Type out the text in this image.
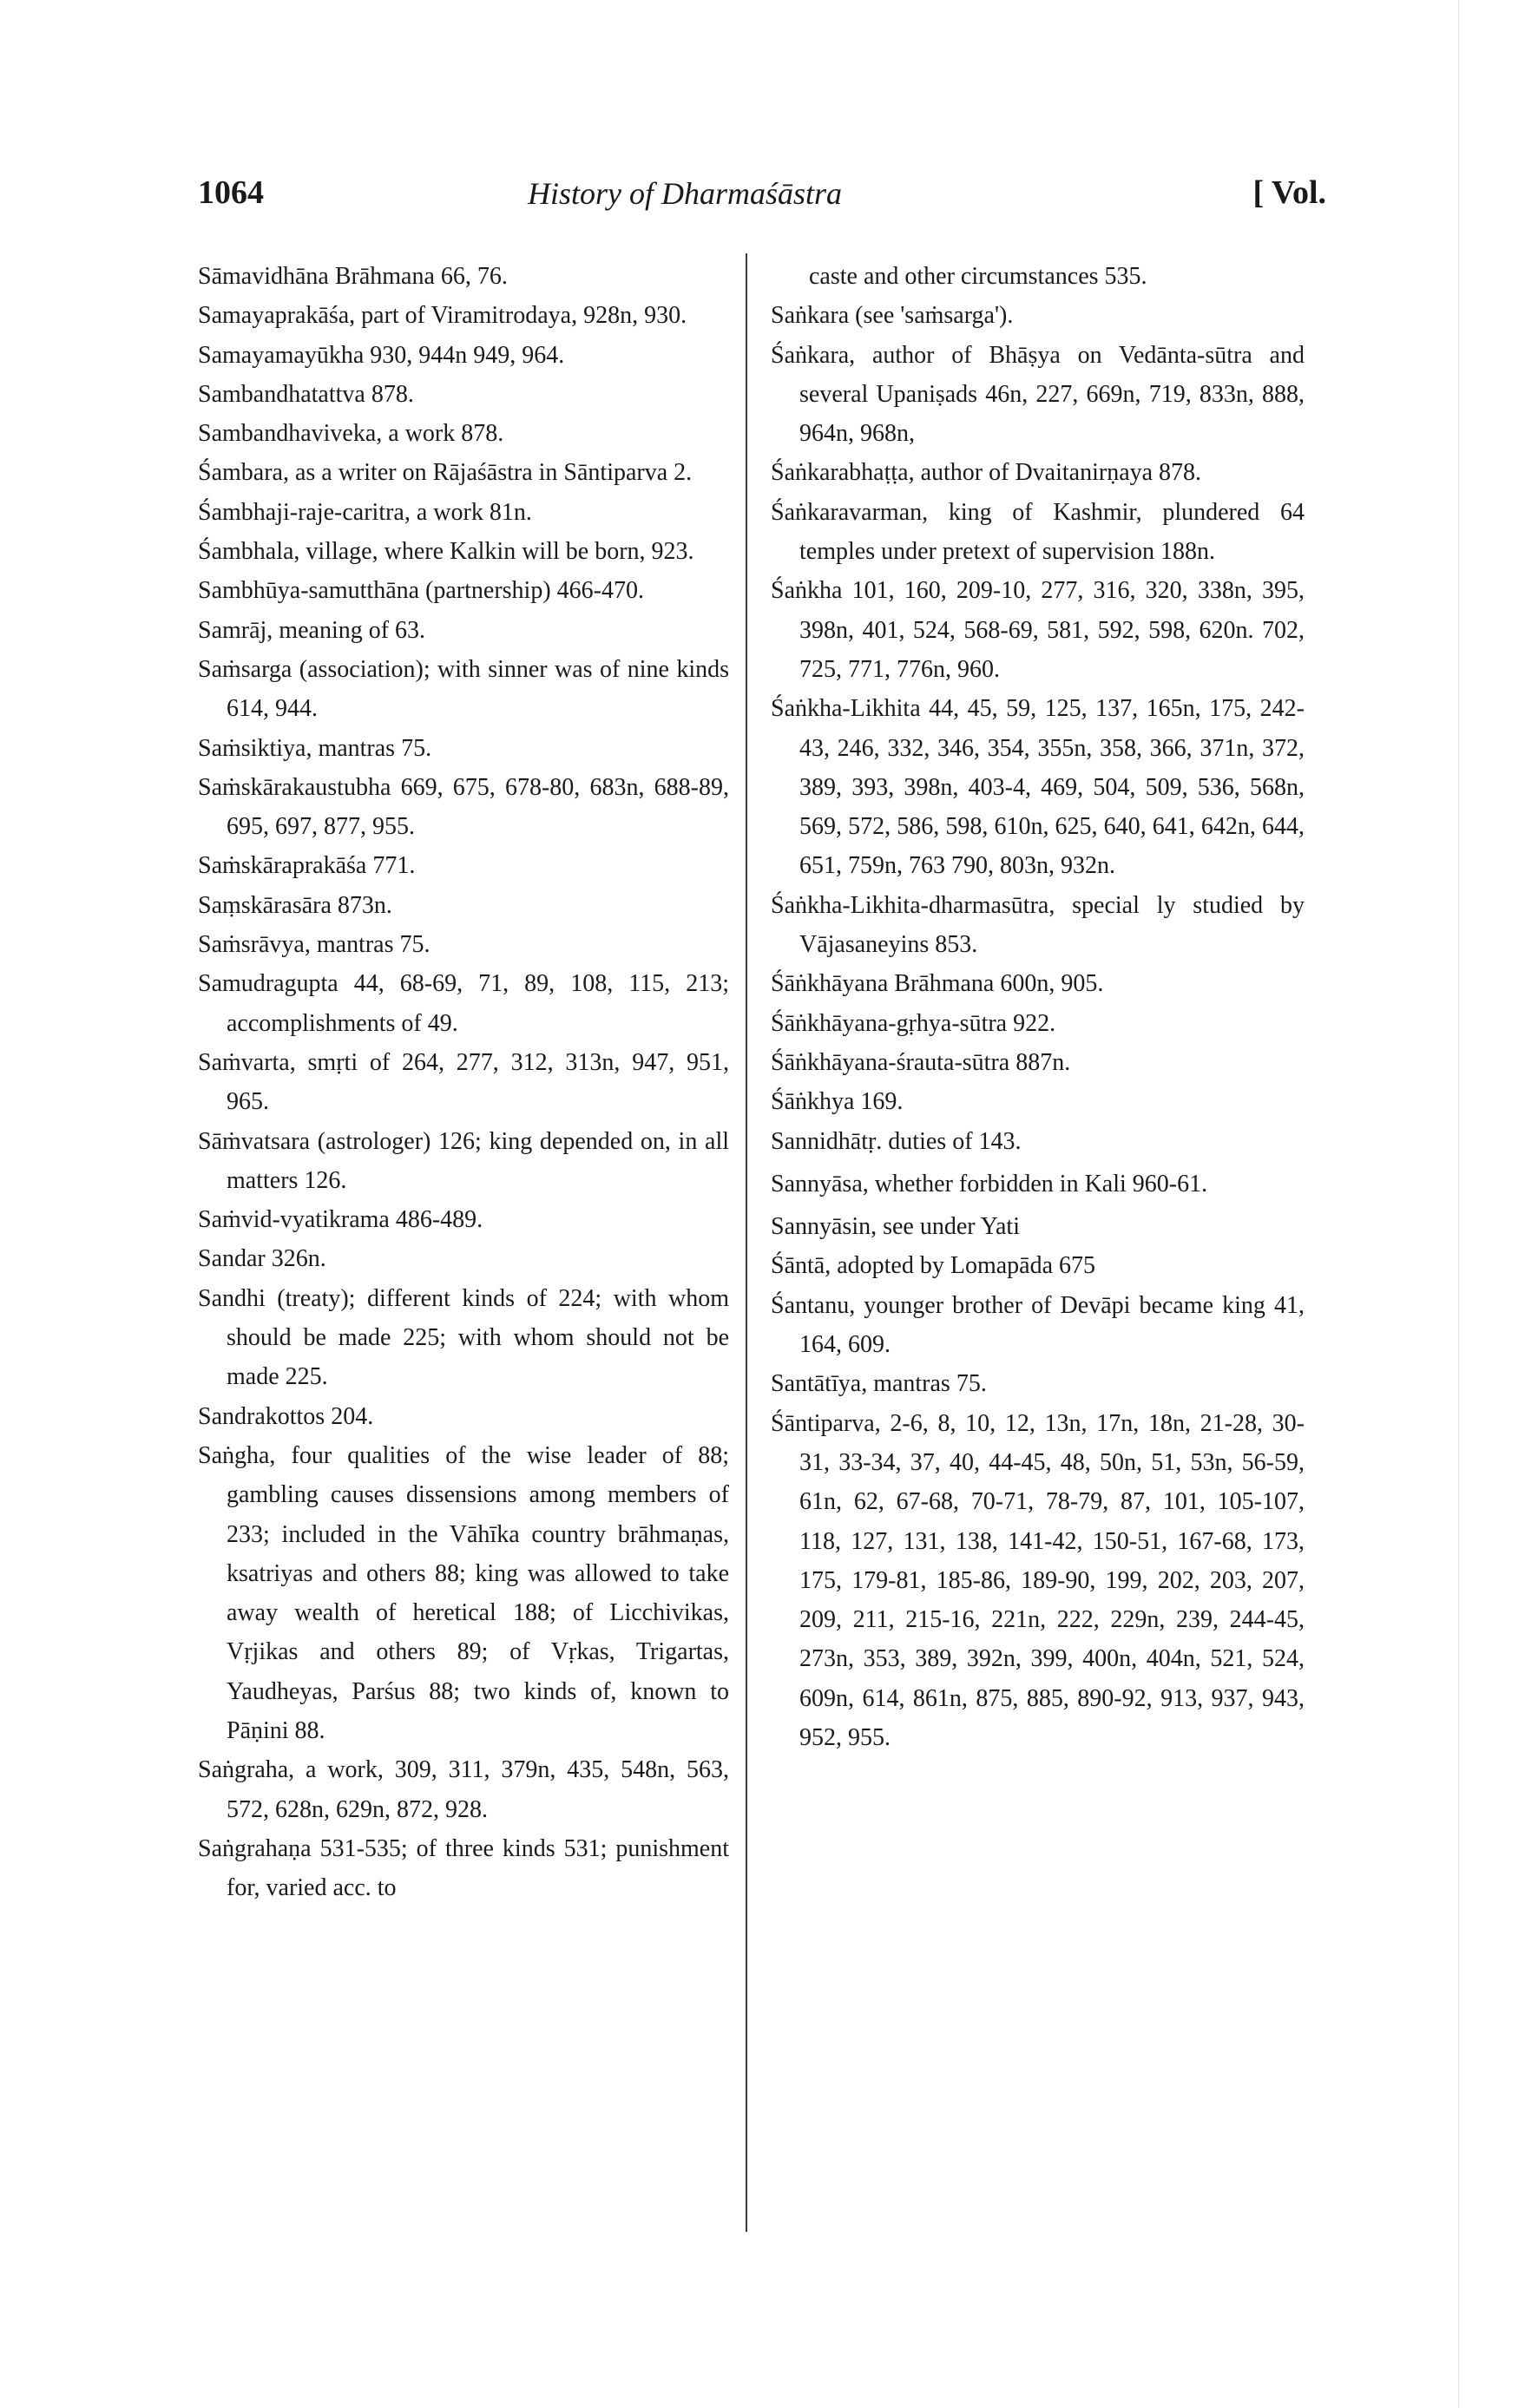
1064	History of Dharmaśāstra	[ Vol.
Sāmavidhāna Brāhmana 66, 76.
Samayaprakāśa, part of Viramitrodaya, 928n, 930.
Samayamayūkha 930, 944n 949, 964.
Sambandhatattva 878.
Sambandhaviveka, a work 878.
Śambara, as a writer on Rājaśāstra in Sāntiparva 2.
Śambhaji-raje-caritra, a work 81n.
Śambhala, village, where Kalkin will be born, 923.
Sambhūya-samutthāna (partnership) 466-470.
Samrāj, meaning of 63.
Saṁsarga (association); with sinner was of nine kinds 614, 944.
Saṁsiktiya, mantras 75.
Saṁskārakaustubha 669, 675, 678-80, 683n, 688-89, 695, 697, 877, 955.
Saṁskāraprakāśa 771.
Saṃskārasāra 873n.
Saṁsrāvya, mantras 75.
Samudragupta 44, 68-69, 71, 89, 108, 115, 213; accomplishments of 49.
Saṁvarta, smṛti of 264, 277, 312, 313n, 947, 951, 965.
Sāṁvatsara (astrologer) 126; king depended on, in all matters 126.
Saṁvid-vyatikrama 486-489.
Sandar 326n.
Sandhi (treaty); different kinds of 224; with whom should be made 225; with whom should not be made 225.
Sandrakottos 204.
Saṅgha, four qualities of the wise leader of 88; gambling causes dissensions among members of 233; included in the Vāhīka country brāhmaṇas, ksatriyas and others 88; king was allowed to take away wealth of heretical 188; of Licchivikas, Vṛjikas and others 89; of Vṛkas, Trigartas, Yaudheyas, Parśus 88; two kinds of, known to Pāṇini 88.
Saṅgraha, a work, 309, 311, 379n, 435, 548n, 563, 572, 628n, 629n, 872, 928.
Saṅgrahaṇa 531-535; of three kinds 531; punishment for, varied acc. to
caste and other circumstances 535.
Saṅkara (see 'saṁsarga').
Śaṅkara, author of Bhāṣya on Vedānta-sūtra and several Upaniṣads 46n, 227, 669n, 719, 833n, 888, 964n, 968n,
Śaṅkarabhaṭṭa, author of Dvaitanirṇaya 878.
Śaṅkaravarman, king of Kashmir, plundered 64 temples under pretext of supervision 188n.
Śaṅkha 101, 160, 209-10, 277, 316, 320, 338n, 395, 398n, 401, 524, 568-69, 581, 592, 598, 620n. 702, 725, 771, 776n, 960.
Śaṅkha-Likhita 44, 45, 59, 125, 137, 165n, 175, 242-43, 246, 332, 346, 354, 355n, 358, 366, 371n, 372, 389, 393, 398n, 403-4, 469, 504, 509, 536, 568n, 569, 572, 586, 598, 610n, 625, 640, 641, 642n, 644, 651, 759n, 763 790, 803n, 932n.
Śaṅkha-Likhita-dharmasūtra, special ly studied by Vājasaneyins 853.
Śāṅkhāyana Brāhmana 600n, 905.
Śāṅkhāyana-gṛhya-sūtra 922.
Śāṅkhāyana-śrauta-sūtra 887n.
Śāṅkhya 169.
Sannidhātṛ. duties of 143.
Sannyāsa, whether forbidden in Kali 960-61.
Sannyāsin, see under Yati
Śāntā, adopted by Lomapāda 675
Śantanu, younger brother of Devāpi became king 41, 164, 609.
Santātīya, mantras 75.
Śāntiparva, 2-6, 8, 10, 12, 13n, 17n, 18n, 21-28, 30-31, 33-34, 37, 40, 44-45, 48, 50n, 51, 53n, 56-59, 61n, 62, 67-68, 70-71, 78-79, 87, 101, 105-107, 118, 127, 131, 138, 141-42, 150-51, 167-68, 173, 175, 179-81, 185-86, 189-90, 199, 202, 203, 207, 209, 211, 215-16, 221n, 222, 229n, 239, 244-45, 273n, 353, 389, 392n, 399, 400n, 404n, 521, 524, 609n, 614, 861n, 875, 885, 890-92, 913, 937, 943, 952, 955.
